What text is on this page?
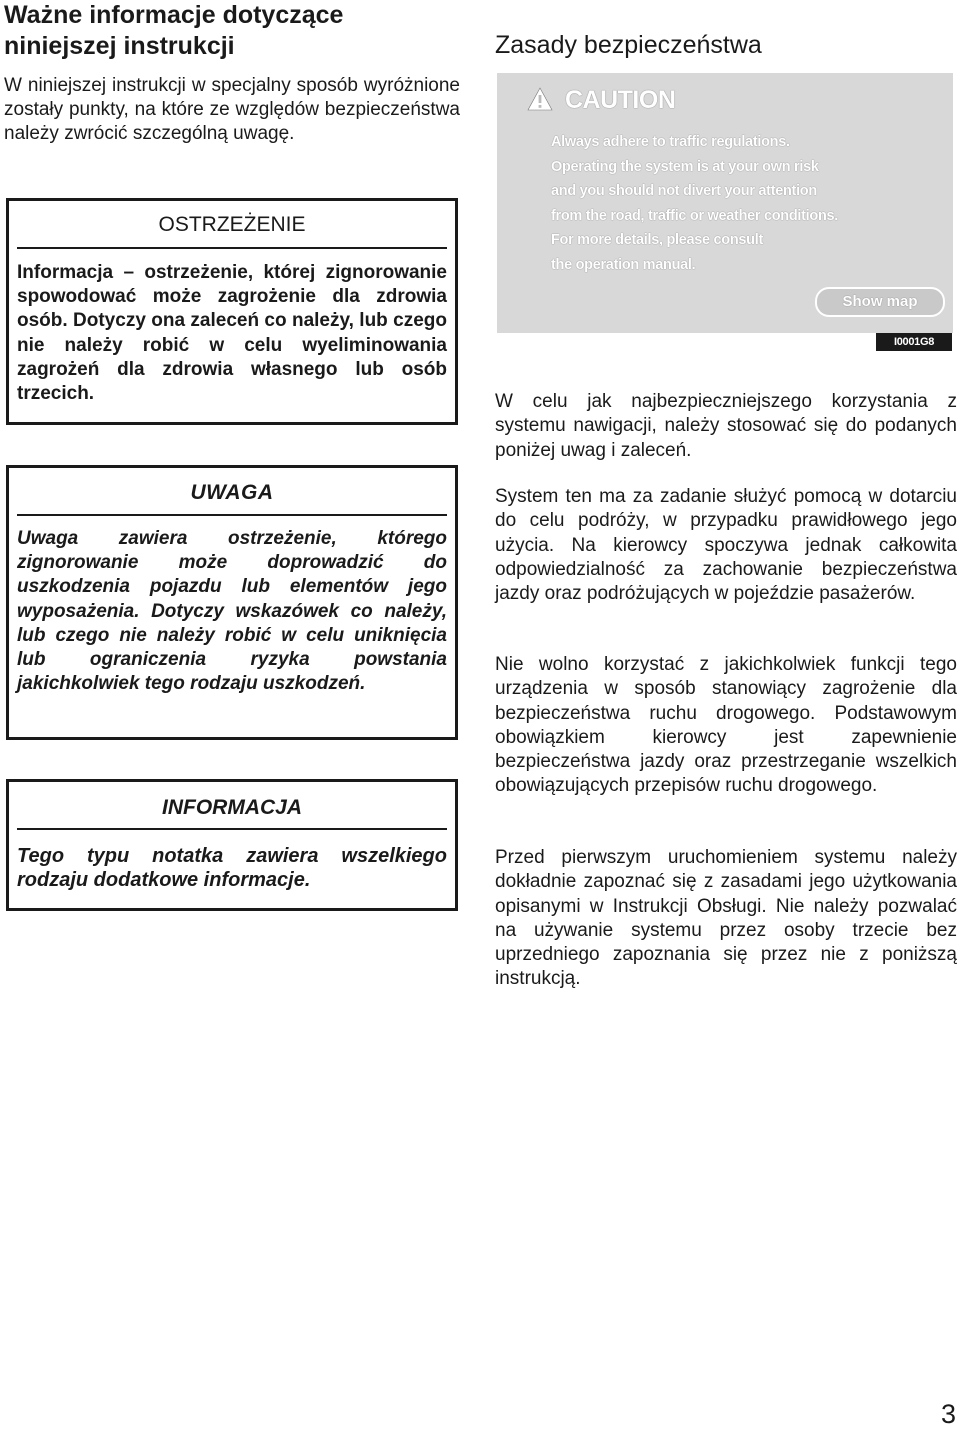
Ważne informacje dotyczące niniejszej instrukcji

W niniejszej instrukcji w specjalny sposób wyróżnione zostały punkty, na które ze względów bezpieczeństwa należy zwrócić szczególną uwagę.

OSTRZEŻENIE

Informacja – ostrzeżenie, której zignorowanie spowodować może zagrożenie dla zdrowia osób. Dotyczy ona zaleceń co należy, lub czego nie należy robić w celu wyeliminowania zagrożeń dla zdrowia własnego lub osób trzecich.

UWAGA

Uwaga zawiera ostrzeżenie, którego zignorowanie może doprowadzić do uszkodzenia pojazdu lub elementów jego wyposażenia. Dotyczy wskazówek co należy, lub czego nie należy robić w celu uniknięcia lub ograniczenia ryzyka powstania jakichkolwiek tego rodzaju uszkodzeń.

INFORMACJA

Tego typu notatka zawiera wszelkiego rodzaju dodatkowe informacje.

Zasady bezpieczeństwa
CAUTION
Always adhere to traffic regulations.
Operating the system is at your own risk
and you should not divert your attention
from the road, traffic or weather conditions.
For more details, please consult
the operation manual.
Show map
I0001G8

W celu jak najbezpieczniejszego korzystania z systemu nawigacji, należy stosować się do podanych poniżej uwag i zaleceń.

System ten ma za zadanie służyć pomocą w dotarciu do celu podróży, w przypadku prawidłowego jego użycia. Na kierowcy spoczywa jednak całkowita odpowiedzialność za zachowanie bezpieczeństwa jazdy oraz podróżujących w pojeździe pasażerów.

Nie wolno korzystać z jakichkolwiek funkcji tego urządzenia w sposób stanowiący zagrożenie dla bezpieczeństwa ruchu drogowego. Podstawowym obowiązkiem kierowcy jest zapewnienie bezpieczeństwa jazdy oraz przestrzeganie wszelkich obowiązujących przepisów ruchu drogowego.

Przed pierwszym uruchomieniem systemu należy dokładnie zapoznać się z zasadami jego użytkowania opisanymi w Instrukcji Obsługi. Nie należy pozwalać na używanie systemu przez osoby trzecie bez uprzedniego zapoznania się przez nie z poniższą instrukcją.

3
